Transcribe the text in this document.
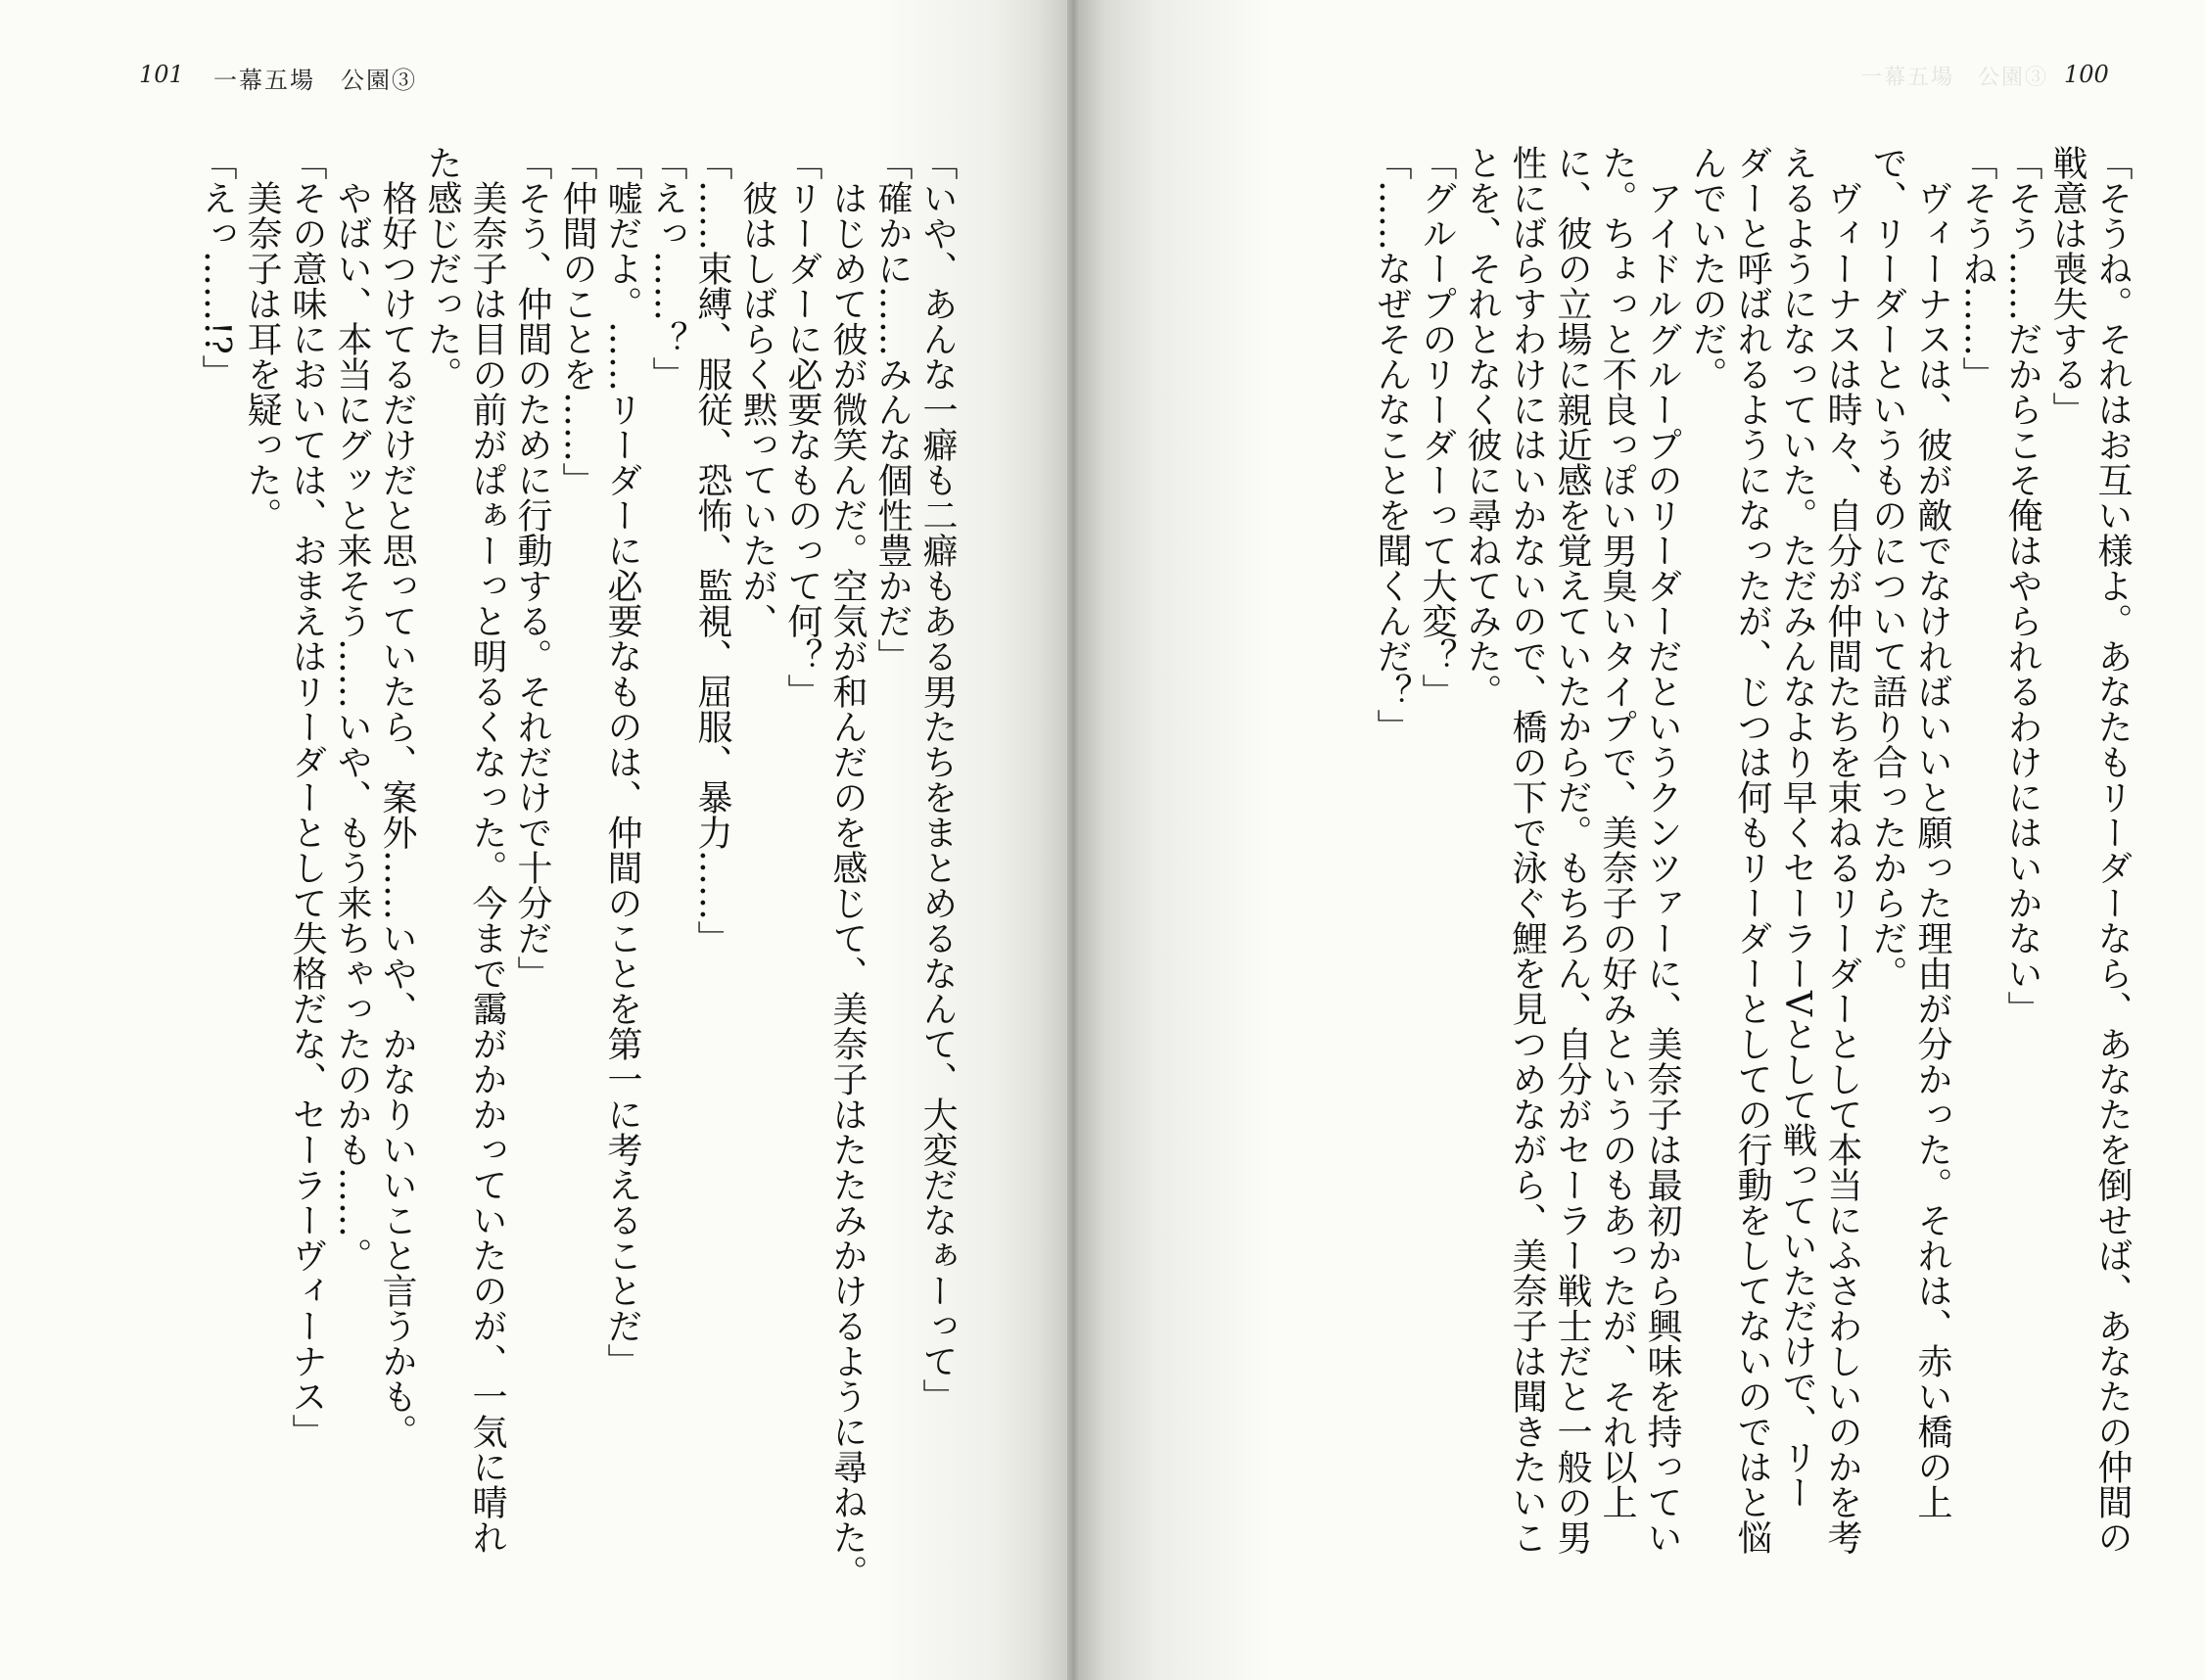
101 一幕五場　公園③	100
一幕五場　公園③
「そうね。それはお互い様よ。あなたもリーダーなら、あなたを倒せば、あなたの仲間の
戦意は喪失する」
「そう……だからこそ俺はやられるわけにはいかない」
「そうね……」
　ヴィーナスは、彼が敵でなければいいと願った理由が分かった。それは、赤い橋の上
で、リーダーというものについて語り合ったからだ。
　ヴィーナスは時々、自分が仲間たちを束ねるリーダーとして本当にふさわしいのかを考
えるようになっていた。ただみんなより早くセーラーVとして戦っていただけで、リー
ダーと呼ばれるようになったが、じつは何もリーダーとしての行動をしてないのではと悩
んでいたのだ。
　アイドルグループのリーダーだというクンツァーに、美奈子は最初から興味を持ってい
た。ちょっと不良っぽい男臭いタイプで、美奈子の好みというのもあったが、それ以上
に、彼の立場に親近感を覚えていたからだ。もちろん、自分がセーラー戦士だと一般の男
性にばらすわけにはいかないので、橋の下で泳ぐ鯉を見つめながら、美奈子は聞きたいこ
とを、それとなく彼に尋ねてみた。
「グループのリーダーって大変？」
「……なぜそんなことを聞くんだ？」
「いや、あんな一癖も二癖もある男たちをまとめるなんて、大変だなぁーって」
「確かに……みんな個性豊かだ」
　はじめて彼が微笑んだ。空気が和んだのを感じて、美奈子はたたみかけるように尋ねた。
「リーダーに必要なものって何？」
　彼はしばらく黙っていたが、
「……束縛、服従、恐怖、監視、屈服、暴力……」
「えっ……？」
「嘘だよ。……リーダーに必要なものは、仲間のことを第一に考えることだ」
「仲間のことを……」
「そう、仲間のために行動する。それだけで十分だ」
　美奈子は目の前がぱぁーっと明るくなった。今まで靄がかかっていたのが、一気に晴れ
た感じだった。
　格好つけてるだけだと思っていたら、案外……いや、かなりいいこと言うかも。
　やばい、本当にグッと来そう……いや、もう来ちゃったのかも……。
「その意味においては、おまえはリーダーとして失格だな、セーラーヴィーナス」
　美奈子は耳を疑った。
「えっ……!?」
